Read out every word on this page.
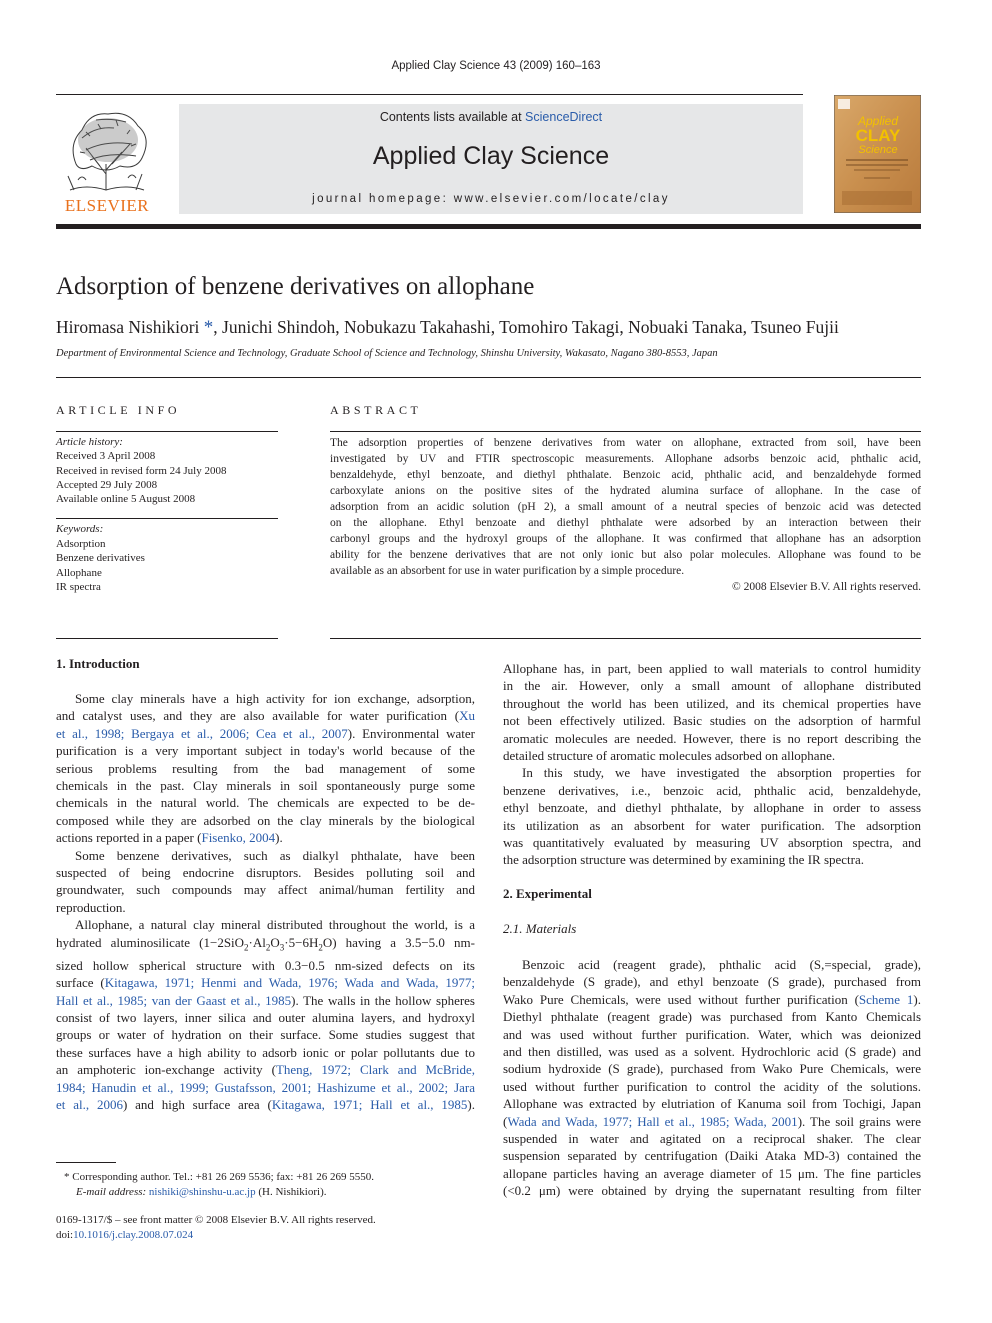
Applied Clay Science 43 (2009) 160–163
ELSEVIER
Contents lists available at ScienceDirect
Applied Clay Science
journal homepage: www.elsevier.com/locate/clay
Applied
CLAY
Science
Adsorption of benzene derivatives on allophane
Hiromasa Nishikiori *, Junichi Shindoh, Nobukazu Takahashi, Tomohiro Takagi, Nobuaki Tanaka, Tsuneo Fujii
Department of Environmental Science and Technology, Graduate School of Science and Technology, Shinshu University, Wakasato, Nagano 380-8553, Japan
ARTICLE INFO
Article history:
Received 3 April 2008
Received in revised form 24 July 2008
Accepted 29 July 2008
Available online 5 August 2008
Keywords:
Adsorption
Benzene derivatives
Allophane
IR spectra
ABSTRACT
The adsorption properties of benzene derivatives from water on allophane, extracted from soil, have been
investigated by UV and FTIR spectroscopic measurements. Allophane adsorbs benzoic acid, phthalic acid,
benzaldehyde, ethyl benzoate, and diethyl phthalate. Benzoic acid, phthalic acid, and benzaldehyde formed
carboxylate anions on the positive sites of the hydrated alumina surface of allophane. In the case of
adsorption from an acidic solution (pH 2), a small amount of a neutral species of benzoic acid was detected
on the allophane. Ethyl benzoate and diethyl phthalate were adsorbed by an interaction between their
carbonyl groups and the hydroxyl groups of the allophane. It was confirmed that allophane has an adsorption
ability for the benzene derivatives that are not only ionic but also polar molecules. Allophane was found to be
available as an absorbent for use in water purification by a simple procedure.
© 2008 Elsevier B.V. All rights reserved.
1. Introduction
Some clay minerals have a high activity for ion exchange, adsorption,
and catalyst uses, and they are also available for water purification (Xu
et al., 1998; Bergaya et al., 2006; Cea et al., 2007). Environmental water
purification is a very important subject in today's world because of the
serious problems resulting from the bad management of some
chemicals in the past. Clay minerals in soil spontaneously purge some
chemicals in the natural world. The chemicals are expected to be de-
composed while they are adsorbed on the clay minerals by the biological
actions reported in a paper (Fisenko, 2004).
Some benzene derivatives, such as dialkyl phthalate, have been
suspected of being endocrine disruptors. Besides polluting soil and
groundwater, such compounds may affect animal/human fertility and
reproduction.
Allophane, a natural clay mineral distributed throughout the world, is a
hydrated aluminosilicate $(1-2SiO_2\cdot Al_2O_3\cdot 5-6H_2O)$ having a 3.5−5.0 nm-
sized hollow spherical structure with 0.3−0.5 nm-sized defects on its
surface (Kitagawa, 1971; Henmi and Wada, 1976; Wada and Wada, 1977;
Hall et al., 1985; van der Gaast et al., 1985). The walls in the hollow spheres
consist of two layers, inner silica and outer alumina layers, and hydroxyl
groups or water of hydration on their surface. Some studies suggest that
these surfaces have a high ability to adsorb ionic or polar pollutants due to
an amphoteric ion-exchange activity (Theng, 1972; Clark and McBride,
1984; Hanudin et al., 1999; Gustafsson, 2001; Hashizume et al., 2002; Jara
et al., 2006) and high surface area (Kitagawa, 1971; Hall et al., 1985).
Allophane has, in part, been applied to wall materials to control humidity
in the air. However, only a small amount of allophane distributed
throughout the world has been utilized, and its chemical properties have
not been effectively utilized. Basic studies on the adsorption of harmful
aromatic molecules are needed. However, there is no report describing the
detailed structure of aromatic molecules adsorbed on allophane.
In this study, we have investigated the absorption properties for
benzene derivatives, i.e., benzoic acid, phthalic acid, benzaldehyde,
ethyl benzoate, and diethyl phthalate, by allophane in order to assess
its utilization as an absorbent for water purification. The adsorption
was quantitatively evaluated by measuring UV absorption spectra, and
the adsorption structure was determined by examining the IR spectra.
2. Experimental
2.1. Materials
Benzoic acid (reagent grade), phthalic acid (S,=special, grade),
benzaldehyde (S grade), and ethyl benzoate (S grade), purchased from
Wako Pure Chemicals, were used without further purification (Scheme 1).
Diethyl phthalate (reagent grade) was purchased from Kanto Chemicals
and was used without further purification. Water, which was deionized
and then distilled, was used as a solvent. Hydrochloric acid (S grade) and
sodium hydroxide (S grade), purchased from Wako Pure Chemicals, were
used without further purification to control the acidity of the solutions.
Allophane was extracted by elutriation of Kanuma soil from Tochigi, Japan
(Wada and Wada, 1977; Hall et al., 1985; Wada, 2001). The soil grains were
suspended in water and agitated on a reciprocal shaker. The clear
suspension separated by centrifugation (Daiki Ataka MD-3) contained the
allopane particles having an average diameter of 15 μm. The fine particles
(<0.2 μm) were obtained by drying the supernatant resulting from filter
* Corresponding author. Tel.: +81 26 269 5536; fax: +81 26 269 5550.
E-mail address: nishiki@shinshu-u.ac.jp (H. Nishikiori).
0169-1317/$ – see front matter © 2008 Elsevier B.V. All rights reserved.
doi:10.1016/j.clay.2008.07.024
